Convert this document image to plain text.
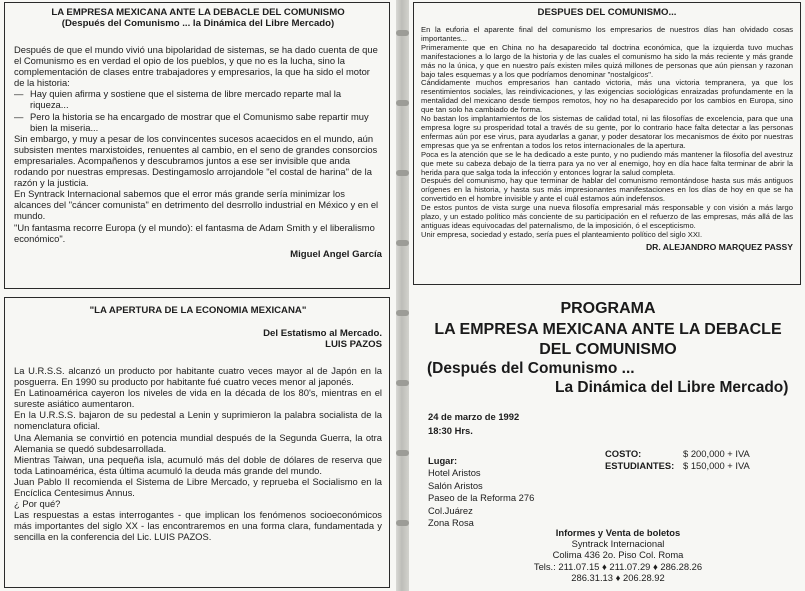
LA EMPRESA MEXICANA ANTE LA DEBACLE DEL COMUNISMO
(Después del Comunismo ... la Dinámica del Libre Mercado)

Después de que el mundo vivió una bipolaridad de sistemas, se ha dado cuenta de que el Comunismo es en verdad el opio de los pueblos, y que no es la lucha, sino la complementación de clases entre trabajadores y empresarios, la que ha sido el motor de la historia:

— Hay quien afirma y sostiene que el sistema de libre mercado reparte mal la riqueza...
— Pero la historia se ha encargado de mostrar que el Comunismo sabe repartir muy bien la miseria...

Sin embargo, y muy a pesar de los convincentes sucesos acaecidos en el mundo, aún subsisten mentes marxistoides, renuentes al cambio, en el seno de grandes consorcios empresariales. Acompañenos y descubramos juntos a ese ser invisible que anda rodando por nuestras empresas. Destingamoslo arrojandole "el costal de harina" de la razón y la justicia.

En Syntrack Internacional sabemos que el error más grande sería minimizar los alcances del "cáncer comunista" en detrimento del desrrollo industrial en México y en el mundo.

"Un fantasma recorre Europa (y el mundo): el fantasma de Adam Smith y el liberalismo económico".

Miguel Angel García
"LA APERTURA DE LA ECONOMIA MEXICANA"
Del Estatismo al Mercado.
LUIS PAZOS

La U.R.S.S. alcanzó un producto por habitante cuatro veces mayor al de Japón en la posguerra. En 1990 su producto por habitante fué cuatro veces menor al japonés.

En Latinoamérica cayeron los niveles de vida en la década de los 80's, mientras en el sureste asiático aumentaron.

En la U.R.S.S. bajaron de su pedestal a Lenin y suprimieron la palabra socialista de la nomenclatura oficial.

Una Alemania se convirtió en potencia mundial después de la Segunda Guerra, la otra Alemania se quedó subdesarrollada.

Mientras Taiwan, una pequeña isla, acumuló más del doble de dólares de reserva que toda Latinoamérica, ésta última acumuló la deuda más grande del mundo.

Juan Pablo II recomienda el Sistema de Libre Mercado, y reprueba el Socialismo en la Encíclica Centesimus Annus.

¿ Por qué?

Las respuestas a estas interrogantes - que implican los fenómenos socioeconómicos más importantes del siglo XX - las encontraremos en una forma clara, fundamentada y sencilla en la conferencia del Lic. LUIS PAZOS.

DESPUES DEL COMUNISMO...

En la euforia el aparente final del comunismo los empresarios de nuestros días han olvidado cosas importantes...

Primeramente que en China no ha desaparecido tal doctrina económica, que la izquierda tuvo muchas manifestaciones a lo largo de la historia y de las cuales el comunismo ha sido la más reciente y más grande más no la única, y que en nuestro país existen miles quizá millones de personas que aún piensan y razonan bajo tales esquemas y a los que podríamos denominar "nostalgicos".

Cándidamente muchos empresarios han cantado victoria, más una victoria tempranera, ya que los resentimientos sociales, las reindivicaciones, y las exigencias sociológicas enraizadas profundamente en la mentalidad del mexicano desde tiempos remotos, hoy no ha desaparecido por los cambios en Europa, sino que tan solo ha cambiado de forma.

No bastan los implantamientos de los sistemas de calidad total, ni las filosofías de excelencia, para que una empresa logre su prosperidad total a través de su gente, por lo contrario hace falta detectar a las personas enfermas aún por ese virus, para ayudarlas a ganar, y poder desatorar los mecanismos de éxito por nuestras empresas que ya se enfrentan a todos los retos internacionales de la apertura.

Poca es la atención que se le ha dedicado a este punto, y no pudiendo más mantener la filosofía del avestruz que mete su cabeza debajo de la tierra para ya no ver al enemigo, hoy en día hace falta terminar de abrir la herida para que salga toda la infección y entonces lograr la salud completa.

Después del comunismo, hay que terminar de hablar del comunismo remontándose hasta sus más antiguos orígenes en la historia, y hasta sus más impresionantes manifestaciones en los días de hoy en que se ha convertido en el hombre invisible y ante el cuál estamos aún indefensos.

De estos puntos de vista surge una nueva filosofía empresarial más responsable y con visión a más largo plazo, y un estado político más conciente de su participación en el refuerzo de las empresas, más allá de las antiguas ideas equivocadas del paternalismo, de la imposición, ó el escepticismo.

Unir empresa, sociedad y estado, sería pues el planteamiento político del siglo XXI.

DR. ALEJANDRO MARQUEZ PASSY
PROGRAMA
LA EMPRESA MEXICANA ANTE LA DEBACLE
DEL COMUNISMO
(Después del Comunismo ...
La Dinámica del Libre Mercado)
24 de marzo de 1992
18:30 Hrs.
Lugar:
Hotel Aristos
Salón Aristos
Paseo de la Reforma 276
Col.Juárez
Zona Rosa
COSTO:	$ 200,000 + IVA
ESTUDIANTES: $ 150,000 + IVA
Informes y Venta de boletos
Syntrack Internacional
Colima 436 2o. Piso Col. Roma
Tels.: 211.07.15 ♦ 211.07.29 ♦ 286.28.26
286.31.13 ♦ 206.28.92
